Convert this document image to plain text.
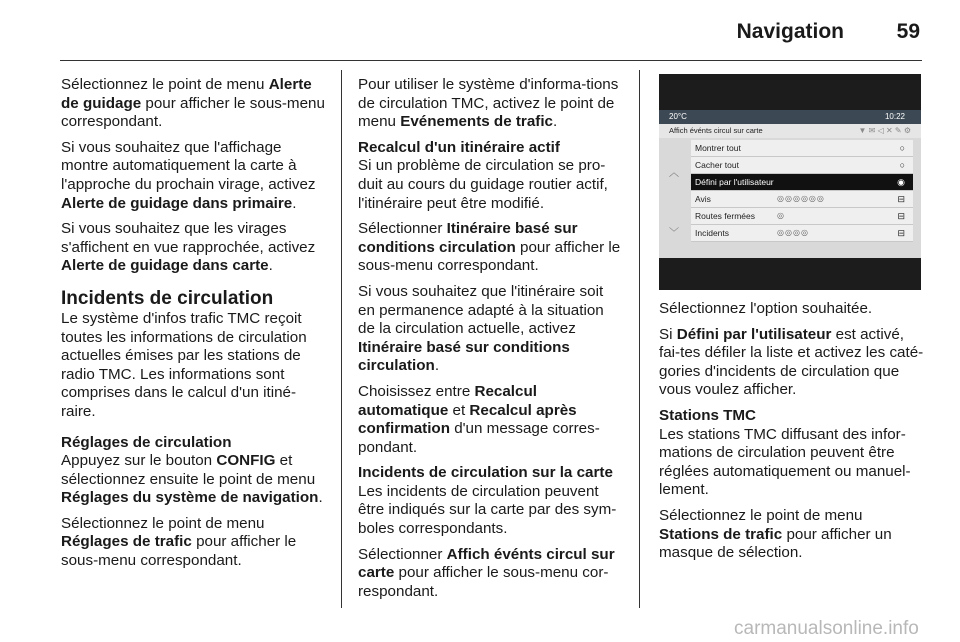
Navigation	59

Sélectionnez le point de menu Alerte de guidage pour afficher le sous-menu correspondant.

Si vous souhaitez que l'affichage montre automatiquement la carte à l'approche du prochain virage, activez Alerte de guidage dans primaire.

Si vous souhaitez que les virages s'affichent en vue rapprochée, activez Alerte de guidage dans carte.

Incidents de circulation

Le système d'infos trafic TMC reçoit toutes les informations de circulation actuelles émises par les stations de radio TMC. Les informations sont comprises dans le calcul d'un itiné-raire.

Réglages de circulation

Appuyez sur le bouton CONFIG et sélectionnez ensuite le point de menu Réglages du système de navigation.

Sélectionnez le point de menu Réglages de trafic pour afficher le sous-menu correspondant.

Pour utiliser le système d'informa-tions de circulation TMC, activez le point de menu Evénements de trafic.

Recalcul d'un itinéraire actif

Si un problème de circulation se pro-duit au cours du guidage routier actif, l'itinéraire peut être modifié.

Sélectionner Itinéraire basé sur conditions circulation pour afficher le sous-menu correspondant.

Si vous souhaitez que l'itinéraire soit en permanence adapté à la situation de la circulation actuelle, activez Itinéraire basé sur conditions circulation.

Choisissez entre Recalcul automatique et Recalcul après confirmation d'un message corres-pondant.

Incidents de circulation sur la carte

Les incidents de circulation peuvent être indiqués sur la carte par des sym-boles correspondants.

Sélectionner Affich événts circul sur carte pour afficher le sous-menu cor-respondant.

20°C	10:22
Affich événts circul sur carte	▼ ✉ ◁ ✕ ✎ ⚙
︿
﹀
Montrer tout	○
Cacher tout	○
Défini par l'utilisateur	◉
Avis	◎◎◎◎◎◎	⊟
Routes fermées	◎	⊟
Incidents	◎◎◎◎	⊟

Sélectionnez l'option souhaitée.

Si Défini par l'utilisateur est activé, fai-tes défiler la liste et activez les caté-gories d'incidents de circulation que vous voulez afficher.

Stations TMC

Les stations TMC diffusant des infor-mations de circulation peuvent être réglées automatiquement ou manuel-lement.

Sélectionnez le point de menu Stations de trafic pour afficher un masque de sélection.

carmanualsonline.info
